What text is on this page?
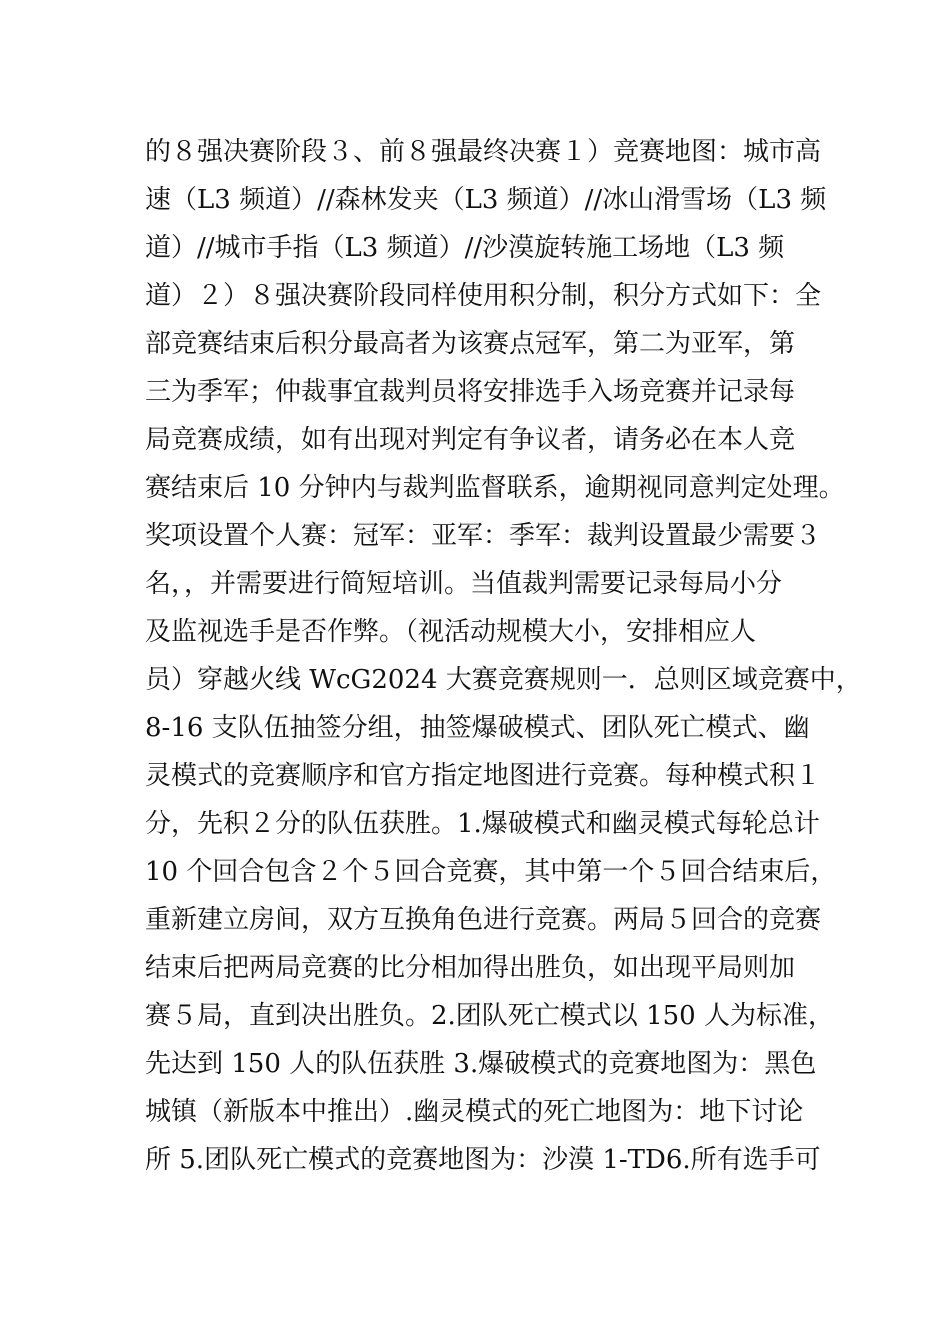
的８强决赛阶段３、前８强最终决赛１）竞赛地图：城市高
速（L3 频道）//森林发夹（L3 频道）//冰山滑雪场（L3 频
道）//城市手指（L3 频道）//沙漠旋转施工场地（L3 频
道）２）８强决赛阶段同样使用积分制，积分方式如下：全
部竞赛结束后积分最高者为该赛点冠军，第二为亚军，第
三为季军；仲裁事宜裁判员将安排选手入场竞赛并记录每
局竞赛成绩，如有出现对判定有争议者，请务必在本人竞
赛结束后 10 分钟内与裁判监督联系，逾期视同意判定处理。
奖项设置个人赛：冠军：亚军：季军：裁判设置最少需要３
名，，并需要进行简短培训。当值裁判需要记录每局小分
及监视选手是否作弊。（视活动规模大小，安排相应人
员）穿越火线 WcG2024 大赛竞赛规则一．总则区域竞赛中，
8-16 支队伍抽签分组，抽签爆破模式、团队死亡模式、幽
灵模式的竞赛顺序和官方指定地图进行竞赛。每种模式积１
分，先积２分的队伍获胜。1.爆破模式和幽灵模式每轮总计
10 个回合包含２个５回合竞赛，其中第一个５回合结束后，
重新建立房间，双方互换角色进行竞赛。两局５回合的竞赛
结束后把两局竞赛的比分相加得出胜负，如出现平局则加
赛５局，直到决出胜负。2.团队死亡模式以 150 人为标准，
先达到 150 人的队伍获胜 3.爆破模式的竞赛地图为：黑色
城镇（新版本中推出）.幽灵模式的死亡地图为：地下讨论
所 5.团队死亡模式的竞赛地图为：沙漠 1-TD6.所有选手可
